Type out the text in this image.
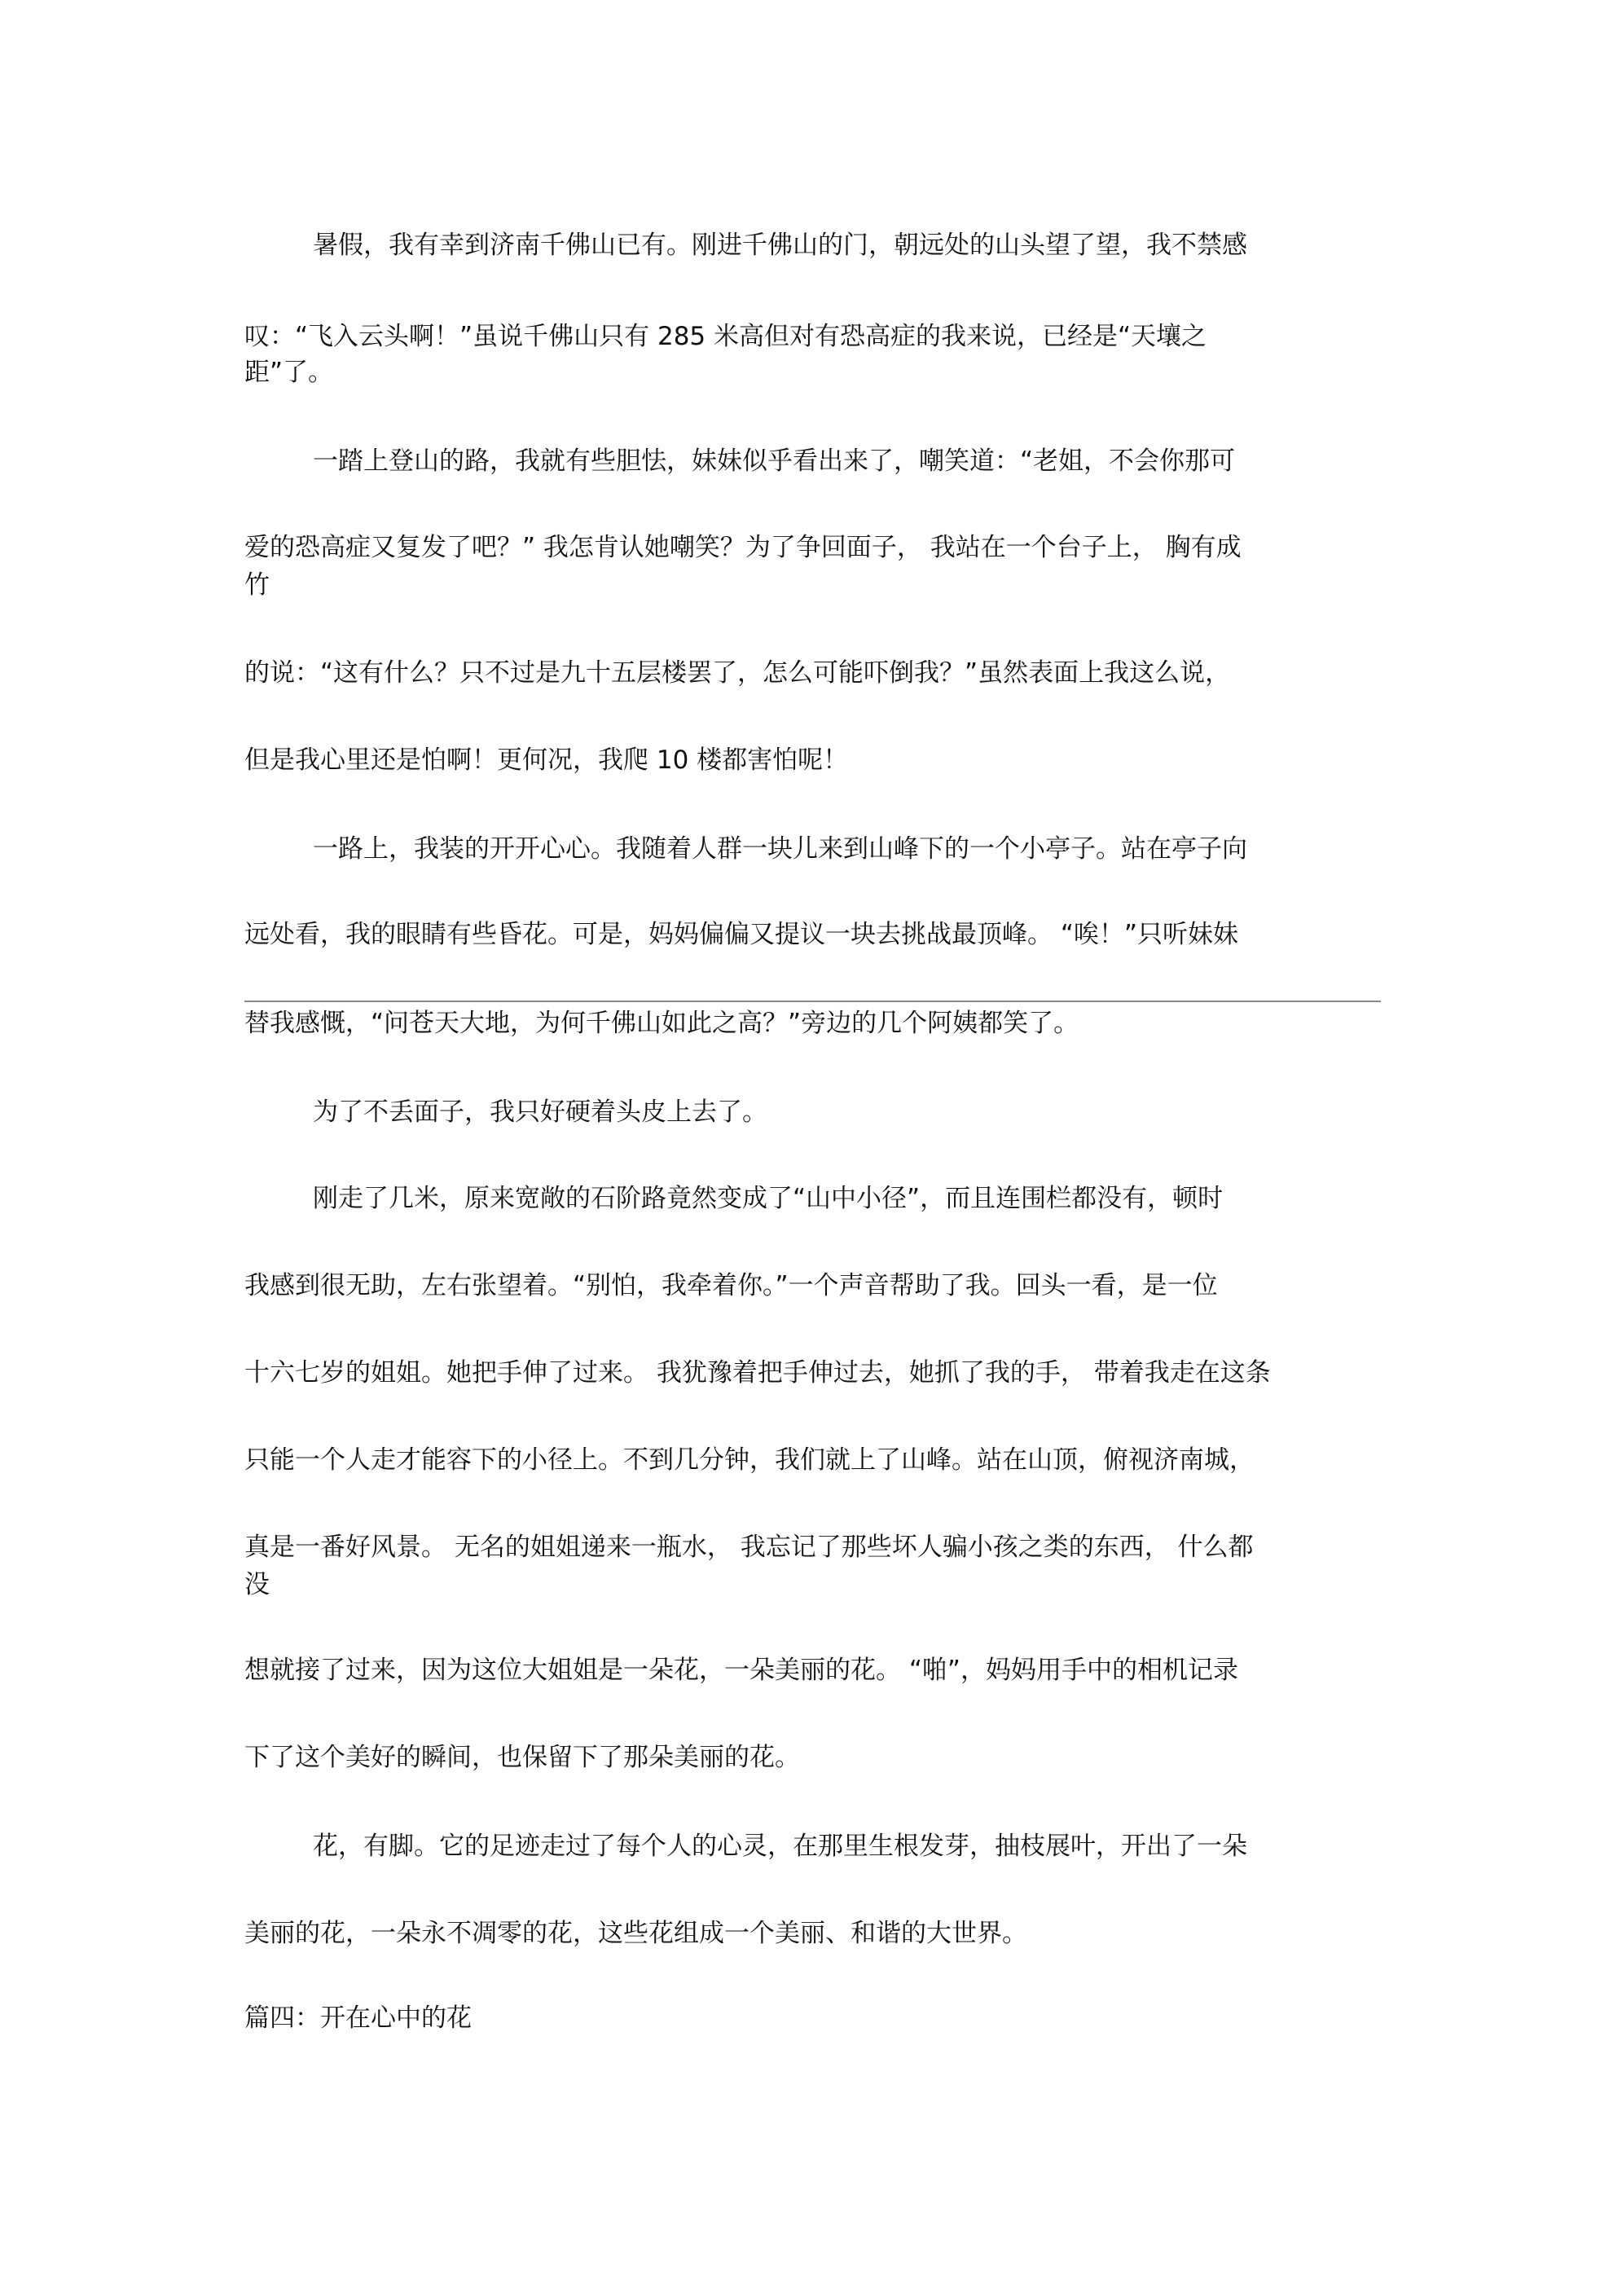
暑假，我有幸到济南千佛山已有。刚进千佛山的门，朝远处的山头望了望，我不禁感
叹：“飞入云头啊！”虽说千佛山只有 285 米高但对有恐高症的我来说，已经是“天壤之
距”了。
一踏上登山的路，我就有些胆怯，妹妹似乎看出来了，嘲笑道：“老姐，不会你那可
爱的恐高症又复发了吧？” 我怎肯认她嘲笑？为了争回面子， 我站在一个台子上， 胸有成
竹
的说：“这有什么？只不过是九十五层楼罢了，怎么可能吓倒我？”虽然表面上我这么说，
但是我心里还是怕啊！更何况，我爬 10 楼都害怕呢！
一路上，我装的开开心心。我随着人群一块儿来到山峰下的一个小亭子。站在亭子向
远处看，我的眼睛有些昏花。可是，妈妈偏偏又提议一块去挑战最顶峰。 “唉！”只听妹妹
替我感慨，“问苍天大地，为何千佛山如此之高？”旁边的几个阿姨都笑了。
为了不丢面子，我只好硬着头皮上去了。
刚走了几米，原来宽敞的石阶路竟然变成了“山中小径”，而且连围栏都没有，顿时
我感到很无助，左右张望着。“别怕，我牵着你。”一个声音帮助了我。回头一看，是一位
十六七岁的姐姐。她把手伸了过来。 我犹豫着把手伸过去，她抓了我的手， 带着我走在这条
只能一个人走才能容下的小径上。不到几分钟，我们就上了山峰。站在山顶，俯视济南城，
真是一番好风景。 无名的姐姐递来一瓶水， 我忘记了那些坏人骗小孩之类的东西， 什么都
没
想就接了过来，因为这位大姐姐是一朵花，一朵美丽的花。 “啪”，妈妈用手中的相机记录
下了这个美好的瞬间，也保留下了那朵美丽的花。
花，有脚。它的足迹走过了每个人的心灵，在那里生根发芽，抽枝展叶，开出了一朵
美丽的花，一朵永不凋零的花，这些花组成一个美丽、和谐的大世界。
篇四：开在心中的花
